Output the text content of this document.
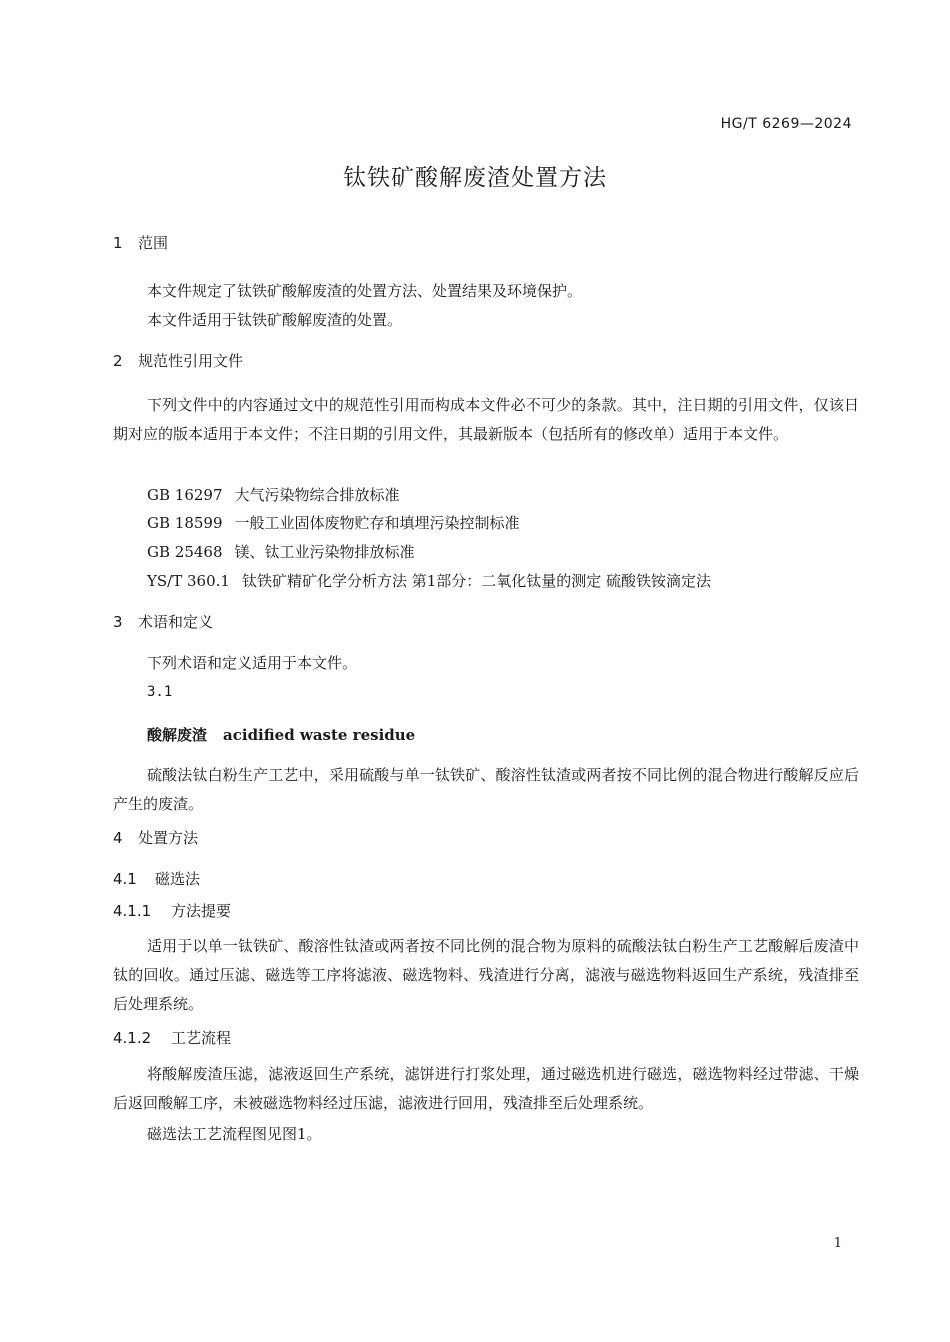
HG/T 6269—2024
钛铁矿酸解废渣处置方法
1 范围
本文件规定了钛铁矿酸解废渣的处置方法、处置结果及环境保护。
本文件适用于钛铁矿酸解废渣的处置。
2 规范性引用文件
下列文件中的内容通过文中的规范性引用而构成本文件必不可少的条款。其中，注日期的引用文件，仅该日期对应的版本适用于本文件；不注日期的引用文件，其最新版本（包括所有的修改单）适用于本文件。
GB 16297 大气污染物综合排放标准
GB 18599 一般工业固体废物贮存和填埋污染控制标准
GB 25468 镁、钛工业污染物排放标准
YS/T 360.1 钛铁矿精矿化学分析方法 第1部分：二氧化钛量的测定 硫酸铁铵滴定法
3 术语和定义
下列术语和定义适用于本文件。
3.1
酸解废渣 acidified waste residue
硫酸法钛白粉生产工艺中，采用硫酸与单一钛铁矿、酸溶性钛渣或两者按不同比例的混合物进行酸解反应后产生的废渣。
4 处置方法
4.1 磁选法
4.1.1 方法提要
适用于以单一钛铁矿、酸溶性钛渣或两者按不同比例的混合物为原料的硫酸法钛白粉生产工艺酸解后废渣中钛的回收。通过压滤、磁选等工序将滤液、磁选物料、残渣进行分离，滤液与磁选物料返回生产系统，残渣排至后处理系统。
4.1.2 工艺流程
将酸解废渣压滤，滤液返回生产系统，滤饼进行打浆处理，通过磁选机进行磁选，磁选物料经过带滤、干燥后返回酸解工序，未被磁选物料经过压滤，滤液进行回用，残渣排至后处理系统。
磁选法工艺流程图见图1。
1
